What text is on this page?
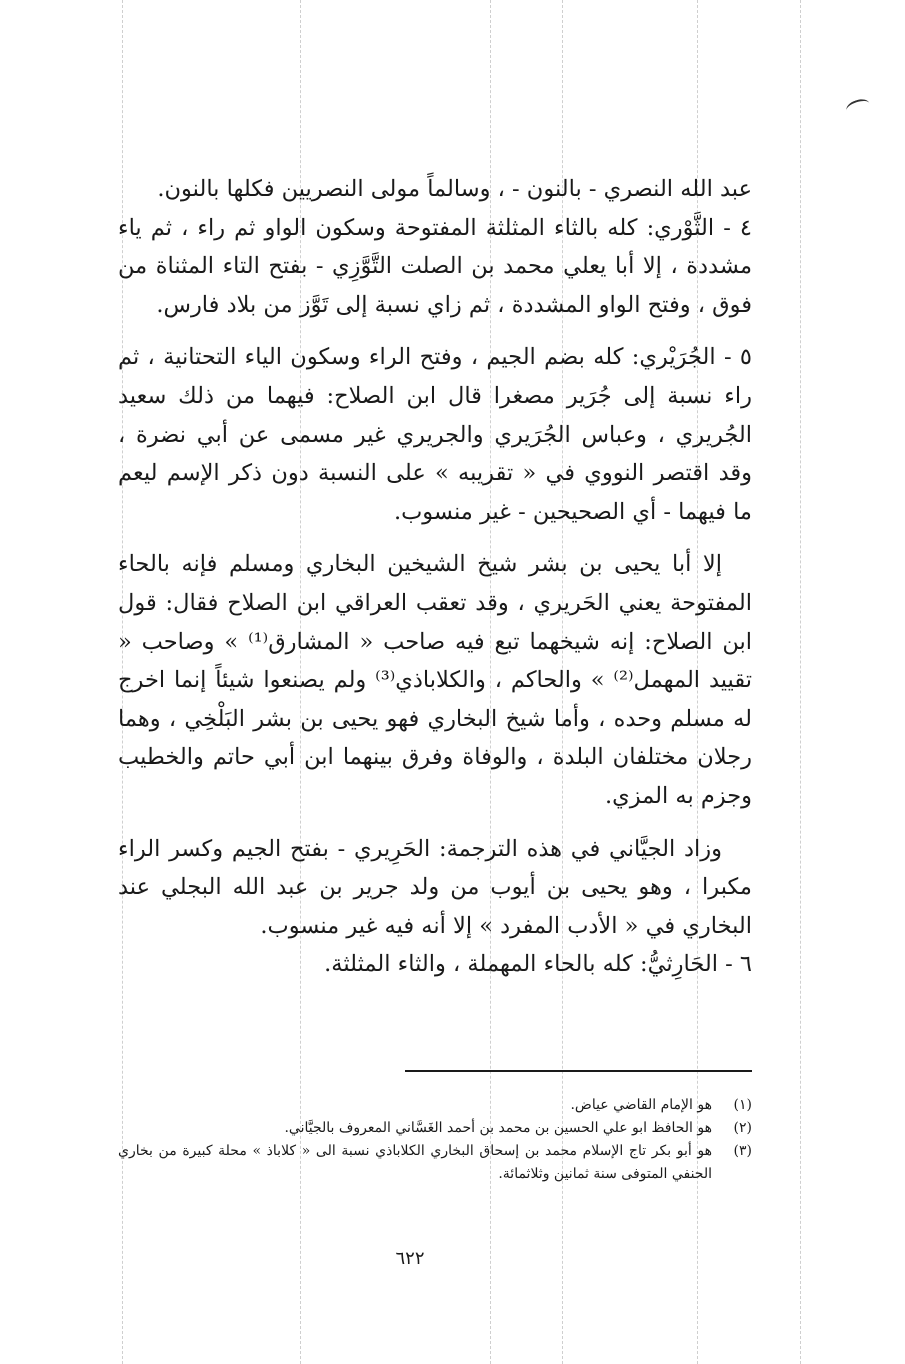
عبد الله النصري - بالنون - ، وسالماً مولى النصريين فكلها بالنون.

٤ - الثَّوْري: كله بالثاء المثلثة المفتوحة وسكون الواو ثم راء ، ثم ياء مشددة ، إلا أبا يعلي محمد بن الصلت التَّوَّزِي - بفتح التاء المثناة من فوق ، وفتح الواو المشددة ، ثم زاي نسبة إلى تَوَّز من بلاد فارس.

٥ - الجُرَيْري: كله بضم الجيم ، وفتح الراء وسكون الياء التحتانية ، ثم راء نسبة إلى جُرَير مصغرا قال ابن الصلاح: فيهما من ذلك سعيد الجُريري ، وعباس الجُرَيري والجريري غير مسمى عن أبي نضرة ، وقد اقتصر النووي في « تقريبه » على النسبة دون ذكر الإسم ليعم ما فيهما - أي الصحيحين - غير منسوب.

إلا أبا يحيى بن بشر شيخ الشيخين البخاري ومسلم فإنه بالحاء المفتوحة يعني الحَريري ، وقد تعقب العراقي ابن الصلاح فقال: قول ابن الصلاح: إنه شيخهما تبع فيه صاحب « المشارق⁽¹⁾ » وصاحب « تقييد المهمل⁽²⁾ » والحاكم ، والكلاباذي⁽³⁾ ولم يصنعوا شيئاً إنما اخرج له مسلم وحده ، وأما شيخ البخاري فهو يحيى بن بشر البَلْخِي ، وهما رجلان مختلفان البلدة ، والوفاة وفرق بينهما ابن أبي حاتم والخطيب وجزم به المزي.

وزاد الجيَّاني في هذه الترجمة: الحَرِيري - بفتح الجيم وكسر الراء مكبرا ، وهو يحيى بن أيوب من ولد جرير بن عبد الله البجلي عند البخاري في « الأدب المفرد » إلا أنه فيه غير منسوب.

٦ - الحَارِثيُّ: كله بالحاء المهملة ، والثاء المثلثة.

(١)
هو الإمام القاضي عياض.
(٢)
هو الحافظ ابو علي الحسين بن محمد بن أحمد الغَسَّاني المعروف بالجيَّاني.
(٣)
هو أبو بكر تاج الإسلام محمد بن إسحاق البخاري الكلاباذي نسبة الى « كلاباذ » محلة كبيرة من بخاري الحنفي المتوفى سنة ثمانين وثلاثمائة.
٦٢٢
